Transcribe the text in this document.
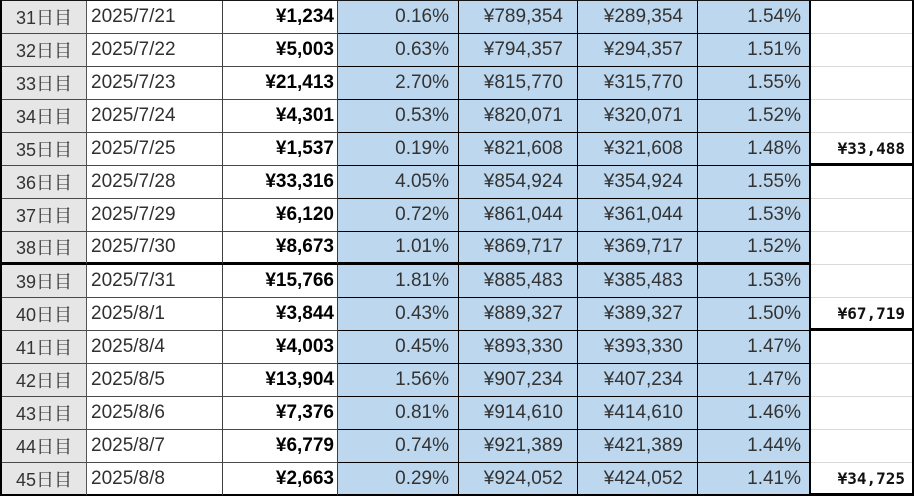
31日目 2025/7/21	¥1,234	0.16%	¥789,354	¥289,354	1.54%
32日目 2025/7/22	¥5,003	0.63%	¥794,357	¥294,357	1.51%
33日目 2025/7/23	¥21,413	2.70%	¥815,770	¥315,770	1.55%
34日目 2025/7/24	¥4,301	0.53%	¥820,071	¥320,071	1.52%
35日目 2025/7/25	¥1,537	0.19%	¥821,608	¥321,608	1.48%	¥33,488
36日目 2025/7/28	¥33,316	4.05%	¥854,924	¥354,924	1.55%
37日目 2025/7/29	¥6,120	0.72%	¥861,044	¥361,044	1.53%
38日目 2025/7/30	¥8,673	1.01%	¥869,717	¥369,717	1.52%
39日目 2025/7/31	¥15,766	1.81%	¥885,483	¥385,483	1.53%
40日目 2025/8/1	¥3,844	0.43%	¥889,327	¥389,327	1.50%	¥67,719
41日目 2025/8/4	¥4,003	0.45%	¥893,330	¥393,330	1.47%
42日目 2025/8/5	¥13,904	1.56%	¥907,234	¥407,234	1.47%
43日目 2025/8/6	¥7,376	0.81%	¥914,610	¥414,610	1.46%
44日目 2025/8/7	¥6,779	0.74%	¥921,389	¥421,389	1.44%
45日目 2025/8/8	¥2,663	0.29%	¥924,052	¥424,052	1.41%	¥34,725
